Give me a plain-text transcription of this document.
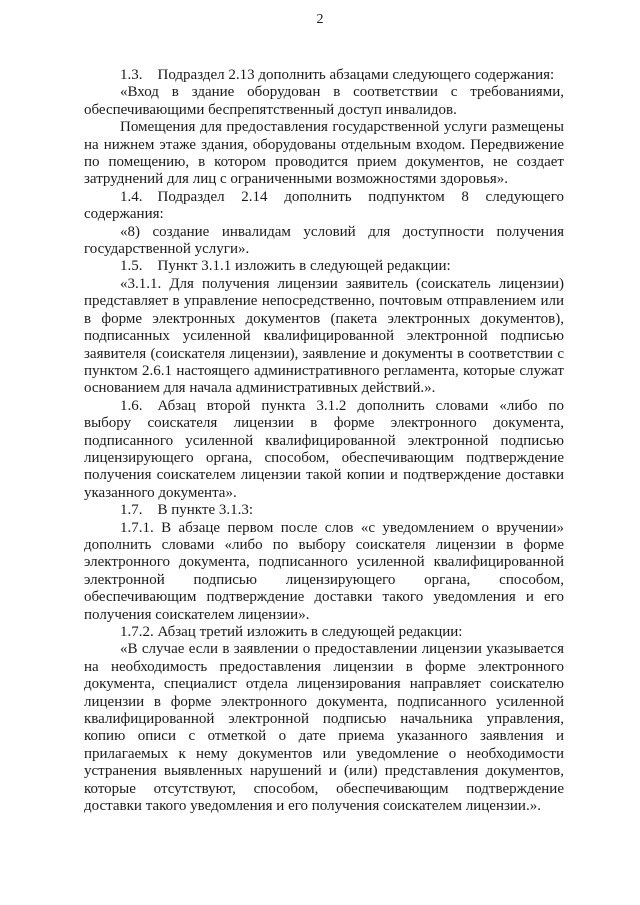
2

1.3. Подраздел 2.13 дополнить абзацами следующего содержания:

«Вход в здание оборудован в соответствии с требованиями, обеспечивающими беспрепятственный доступ инвалидов.

Помещения для предоставления государственной услуги размещены на нижнем этаже здания, оборудованы отдельным входом. Передвижение по помещению, в котором проводится прием документов, не создает затруднений для лиц с ограниченными возможностями здоровья».

1.4. Подраздел 2.14 дополнить подпунктом 8 следующего содержания:

«8) создание инвалидам условий для доступности получения государственной услуги».

1.5. Пункт 3.1.1 изложить в следующей редакции:

«3.1.1. Для получения лицензии заявитель (соискатель лицензии) представляет в управление непосредственно, почтовым отправлением или в форме электронных документов (пакета электронных документов), подписанных усиленной квалифицированной электронной подписью заявителя (соискателя лицензии), заявление и документы в соответствии с пунктом 2.6.1 настоящего административного регламента, которые служат основанием для начала административных действий.».

1.6. Абзац второй пункта 3.1.2 дополнить словами «либо по выбору соискателя лицензии в форме электронного документа, подписанного усиленной квалифицированной электронной подписью лицензирующего органа, способом, обеспечивающим подтверждение получения соискателем лицензии такой копии и подтверждение доставки указанного документа».

1.7. В пункте 3.1.3:

1.7.1. В абзаце первом после слов «с уведомлением о вручении» дополнить словами «либо по выбору соискателя лицензии в форме электронного документа, подписанного усиленной квалифицированной электронной подписью лицензирующего органа, способом, обеспечивающим подтверждение доставки такого уведомления и его получения соискателем лицензии».

1.7.2. Абзац третий изложить в следующей редакции:

«В случае если в заявлении о предоставлении лицензии указывается на необходимость предоставления лицензии в форме электронного документа, специалист отдела лицензирования направляет соискателю лицензии в форме электронного документа, подписанного усиленной квалифицированной электронной подписью начальника управления, копию описи с отметкой о дате приема указанного заявления и прилагаемых к нему документов или уведомление о необходимости устранения выявленных нарушений и (или) представления документов, которые отсутствуют, способом, обеспечивающим подтверждение доставки такого уведомления и его получения соискателем лицензии.».
